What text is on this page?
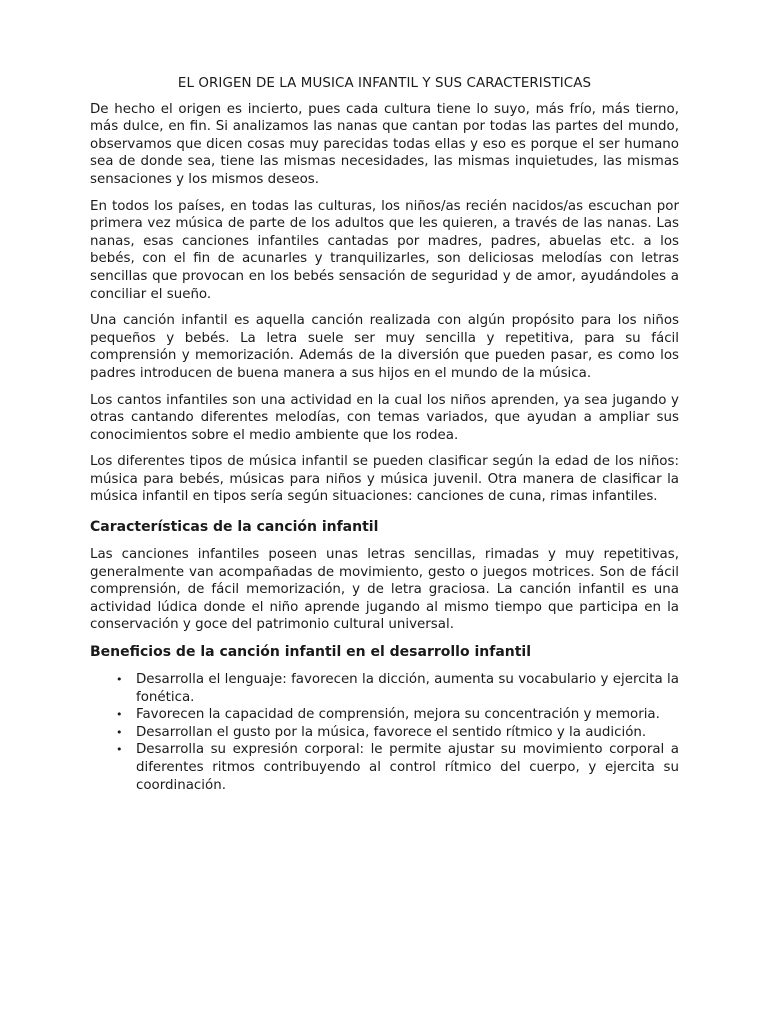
EL ORIGEN DE LA MUSICA INFANTIL Y SUS CARACTERISTICAS

De hecho el origen es incierto, pues cada cultura tiene lo suyo, más frío, más tierno, más dulce, en fin. Si analizamos las nanas que cantan por todas las partes del mundo, observamos que dicen cosas muy parecidas todas ellas y eso es porque el ser humano sea de donde sea, tiene las mismas necesidades, las mismas inquietudes, las mismas sensaciones y los mismos deseos.

En todos los países, en todas las culturas, los niños/as recién nacidos/as escuchan por primera vez música de parte de los adultos que les quieren, a través de las nanas. Las nanas, esas canciones infantiles cantadas por madres, padres, abuelas etc. a los bebés, con el fin de acunarles y tranquilizarles, son deliciosas melodías con letras sencillas que provocan en los bebés sensación de seguridad y de amor, ayudándoles a conciliar el sueño.

Una canción infantil es aquella canción realizada con algún propósito para los niños pequeños y bebés. La letra suele ser muy sencilla y repetitiva, para su fácil comprensión y memorización. Además de la diversión que pueden pasar, es como los padres introducen de buena manera a sus hijos en el mundo de la música.

Los cantos infantiles son una actividad en la cual los niños aprenden, ya sea jugando y otras cantando diferentes melodías, con temas variados, que ayudan a ampliar sus conocimientos sobre el medio ambiente que los rodea.

Los diferentes tipos de música infantil se pueden clasificar según la edad de los niños: música para bebés, músicas para niños y música juvenil. Otra manera de clasificar la música infantil en tipos sería según situaciones: canciones de cuna, rimas infantiles.

Características de la canción infantil

Las canciones infantiles poseen unas letras sencillas, rimadas y muy repetitivas, generalmente van acompañadas de movimiento, gesto o juegos motrices. Son de fácil comprensión, de fácil memorización, y de letra graciosa. La canción infantil es una actividad lúdica donde el niño aprende jugando al mismo tiempo que participa en la conservación y goce del patrimonio cultural universal.

Beneficios de la canción infantil en el desarrollo infantil
• Desarrolla el lenguaje: favorecen la dicción, aumenta su vocabulario y ejercita la fonética.
• Favorecen la capacidad de comprensión, mejora su concentración y memoria.
• Desarrollan el gusto por la música, favorece el sentido rítmico y la audición.
• Desarrolla su expresión corporal: le permite ajustar su movimiento corporal a diferentes ritmos contribuyendo al control rítmico del cuerpo, y ejercita su coordinación.
